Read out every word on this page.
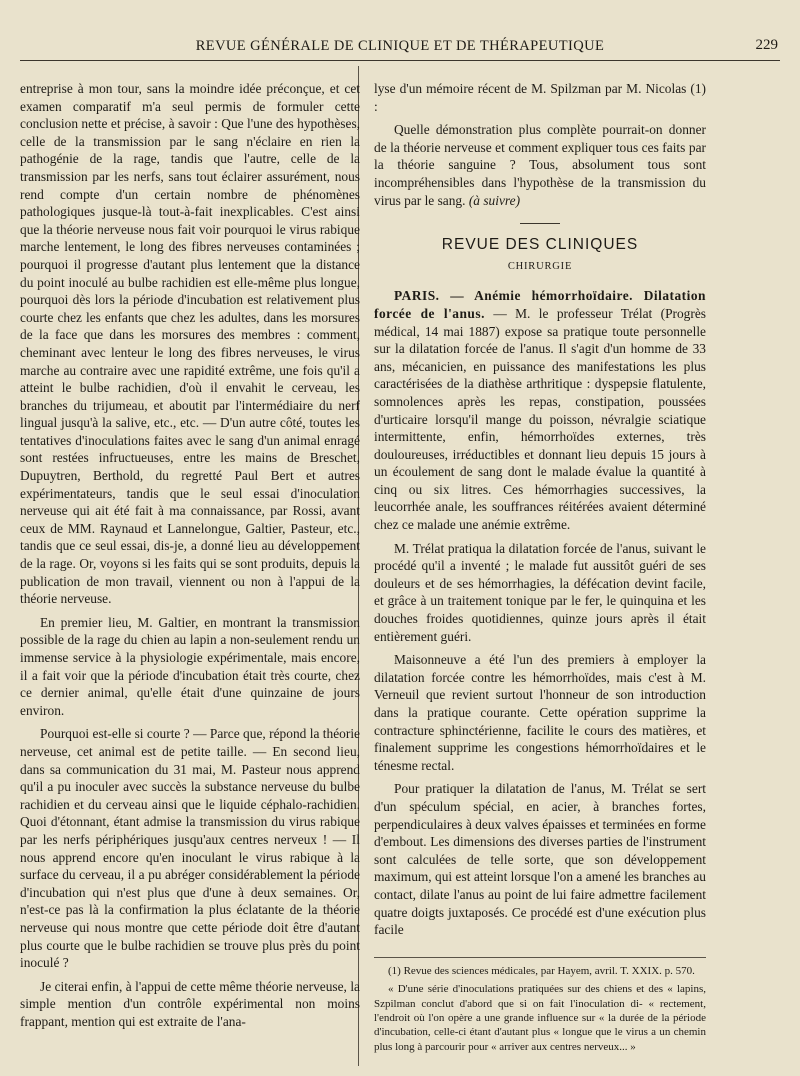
REVUE GÉNÉRALE DE CLINIQUE ET DE THÉRAPEUTIQUE	229

entreprise à mon tour, sans la moindre idée préconçue, et cet examen comparatif m'a seul permis de formuler cette conclusion nette et précise, à savoir : Que l'une des hypothèses, celle de la transmission par le sang n'éclaire en rien la pathogénie de la rage, tandis que l'autre, celle de la transmission par les nerfs, sans tout éclairer assurément, nous rend compte d'un certain nombre de phénomènes pathologiques jusque-là tout-à-fait inexplicables. C'est ainsi que la théorie nerveuse nous fait voir pourquoi le virus rabique marche lentement, le long des fibres nerveuses contaminées ; pourquoi il progresse d'autant plus lentement que la distance du point inoculé au bulbe rachidien est elle-même plus longue, pourquoi dès lors la période d'incubation est relativement plus courte chez les enfants que chez les adultes, dans les morsures de la face que dans les morsures des membres : comment, cheminant avec lenteur le long des fibres nerveuses, le virus marche au contraire avec une rapidité extrême, une fois qu'il a atteint le bulbe rachidien, d'où il envahit le cerveau, les branches du trijumeau, et aboutit par l'intermédiaire du nerf lingual jusqu'à la salive, etc., etc. — D'un autre côté, toutes les tentatives d'inoculations faites avec le sang d'un animal enragé sont restées infructueuses, entre les mains de Breschet, Dupuytren, Berthold, du regretté Paul Bert et autres expérimentateurs, tandis que le seul essai d'inoculation nerveuse qui ait été fait à ma connaissance, par Rossi, avant ceux de MM. Raynaud et Lannelongue, Galtier, Pasteur, etc., tandis que ce seul essai, dis-je, a donné lieu au développement de la rage. Or, voyons si les faits qui se sont produits, depuis la publication de mon travail, viennent ou non à l'appui de la théorie nerveuse.

En premier lieu, M. Galtier, en montrant la transmission possible de la rage du chien au lapin a non-seulement rendu un immense service à la physiologie expérimentale, mais encore, il a fait voir que la période d'incubation était très courte, chez ce dernier animal, qu'elle était d'une quinzaine de jours environ.

Pourquoi est-elle si courte ? — Parce que, répond la théorie nerveuse, cet animal est de petite taille. — En second lieu, dans sa communication du 31 mai, M. Pasteur nous apprend qu'il a pu inoculer avec succès la substance nerveuse du bulbe rachidien et du cerveau ainsi que le liquide céphalo-rachidien. Quoi d'étonnant, étant admise la transmission du virus rabique par les nerfs périphériques jusqu'aux centres nerveux ! — Il nous apprend encore qu'en inoculant le virus rabique à la surface du cerveau, il a pu abréger considérablement la période d'incubation qui n'est plus que d'une à deux semaines. Or, n'est-ce pas là la confirmation la plus éclatante de la théorie nerveuse qui nous montre que cette période doit être d'autant plus courte que le bulbe rachidien se trouve plus près du point inoculé ?

Je citerai enfin, à l'appui de cette même théorie nerveuse, la simple mention d'un contrôle expérimental non moins frappant, mention qui est extraite de l'ana-

lyse d'un mémoire récent de M. Spilzman par M. Nicolas (1) :

Quelle démonstration plus complète pourrait-on donner de la théorie nerveuse et comment expliquer tous ces faits par la théorie sanguine ? Tous, absolument tous sont incompréhensibles dans l'hypothèse de la transmission du virus par le sang. (à suivre)

REVUE DES CLINIQUES
CHIRURGIE

PARIS. — Anémie hémorrhoïdaire. Dilatation forcée de l'anus. — M. le professeur Trélat (Progrès médical, 14 mai 1887) expose sa pratique toute personnelle sur la dilatation forcée de l'anus. Il s'agit d'un homme de 33 ans, mécanicien, en puissance des manifestations les plus caractérisées de la diathèse arthritique : dyspepsie flatulente, somnolences après les repas, constipation, poussées d'urticaire lorsqu'il mange du poisson, névralgie sciatique intermittente, enfin, hémorrhoïdes externes, très douloureuses, irréductibles et donnant lieu depuis 15 jours à un écoulement de sang dont le malade évalue la quantité à cinq ou six litres. Ces hémorrhagies successives, la leucorrhée anale, les souffrances réitérées avaient déterminé chez ce malade une anémie extrême.

M. Trélat pratiqua la dilatation forcée de l'anus, suivant le procédé qu'il a inventé ; le malade fut aussitôt guéri de ses douleurs et de ses hémorrhagies, la défécation devint facile, et grâce à un traitement tonique par le fer, le quinquina et les douches froides quotidiennes, quinze jours après il était entièrement guéri.

Maisonneuve a été l'un des premiers à employer la dilatation forcée contre les hémorrhoïdes, mais c'est à M. Verneuil que revient surtout l'honneur de son introduction dans la pratique courante. Cette opération supprime la contracture sphinctérienne, facilite le cours des matières, et finalement supprime les congestions hémorrhoïdaires et le ténesme rectal.

Pour pratiquer la dilatation de l'anus, M. Trélat se sert d'un spéculum spécial, en acier, à branches fortes, perpendiculaires à deux valves épaisses et terminées en forme d'embout. Les dimensions des diverses parties de l'instrument sont calculées de telle sorte, que son développement maximum, qui est atteint lorsque l'on a amené les branches au contact, dilate l'anus au point de lui faire admettre facilement quatre doigts juxtaposés. Ce procédé est d'une exécution plus facile

(1) Revue des sciences médicales, par Hayem, avril. T. XXIX. p. 570.

« D'une série d'inoculations pratiquées sur des chiens et des « lapins, Szpilman conclut d'abord que si on fait l'inoculation di- « rectement, l'endroit où l'on opère a une grande influence sur « la durée de la période d'incubation, celle-ci étant d'autant plus « longue que le virus a un chemin plus long à parcourir pour « arriver aux centres nerveux... »
